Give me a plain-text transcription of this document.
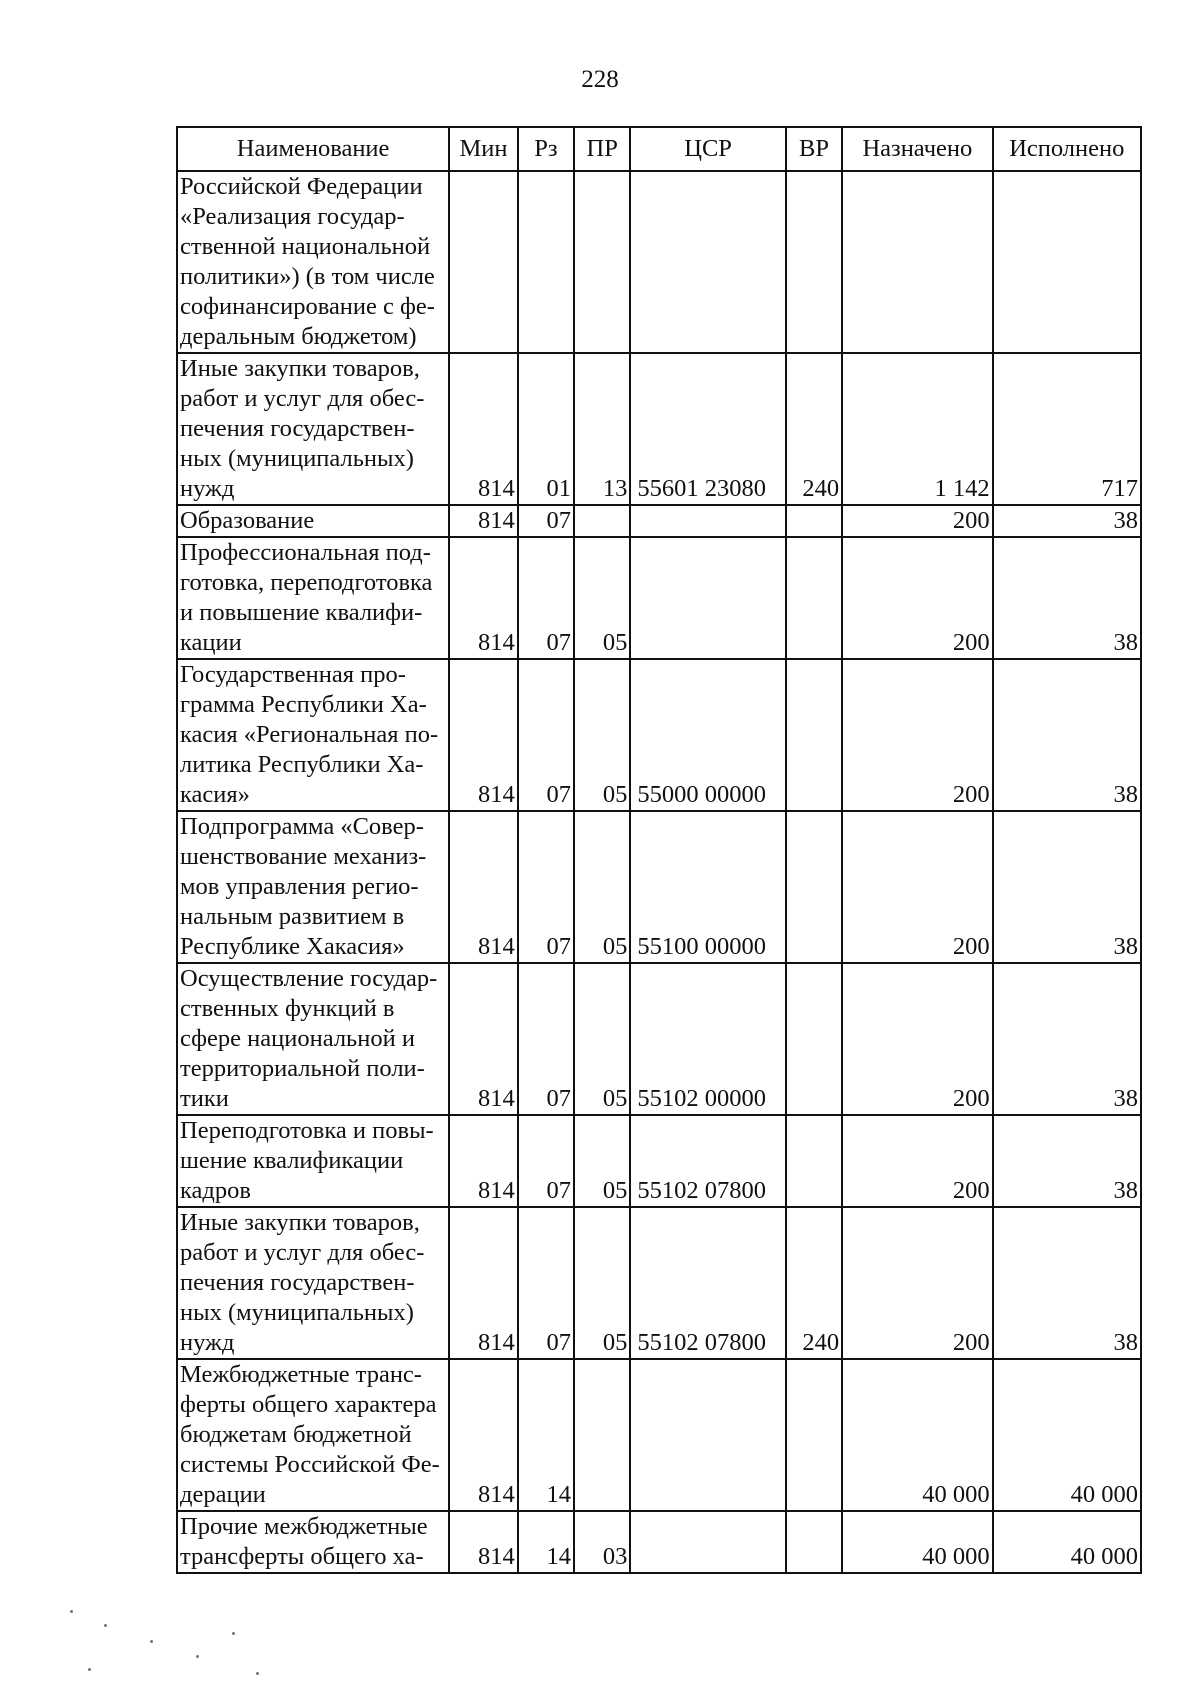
228
Наименование	Мин	Рз	ПР	ЦСР	ВР	Назначено	Исполнено
Российской Федерации «Реализация государ-ственной национальной политики») (в том числе софинансирование с фе-деральным бюджетом)							
Иные закупки товаров, работ и услуг для обес-печения государствен-ных (муниципальных) нужд	814	01	13	55601 23080	240	1 142	717
Образование	814	07				200	38
Профессиональная под-готовка, переподготовка и повышение квалифи-кации	814	07	05			200	38
Государственная про-грамма Республики Ха-касия «Региональная по-литика Республики Ха-касия»	814	07	05	55000 00000		200	38
Подпрограмма «Совер-шенствование механиз-мов управления регио-нальным развитием в Республике Хакасия»	814	07	05	55100 00000		200	38
Осуществление государ-ственных функций в сфере национальной и территориальной поли-тики	814	07	05	55102 00000		200	38
Переподготовка и повы-шение квалификации кадров	814	07	05	55102 07800		200	38
Иные закупки товаров, работ и услуг для обес-печения государствен-ных (муниципальных) нужд	814	07	05	55102 07800	240	200	38
Межбюджетные транс-ферты общего характера бюджетам бюджетной системы Российской Фе-дерации	814	14				40 000	40 000
Прочие межбюджетные трансферты общего ха-	814	14	03			40 000	40 000
